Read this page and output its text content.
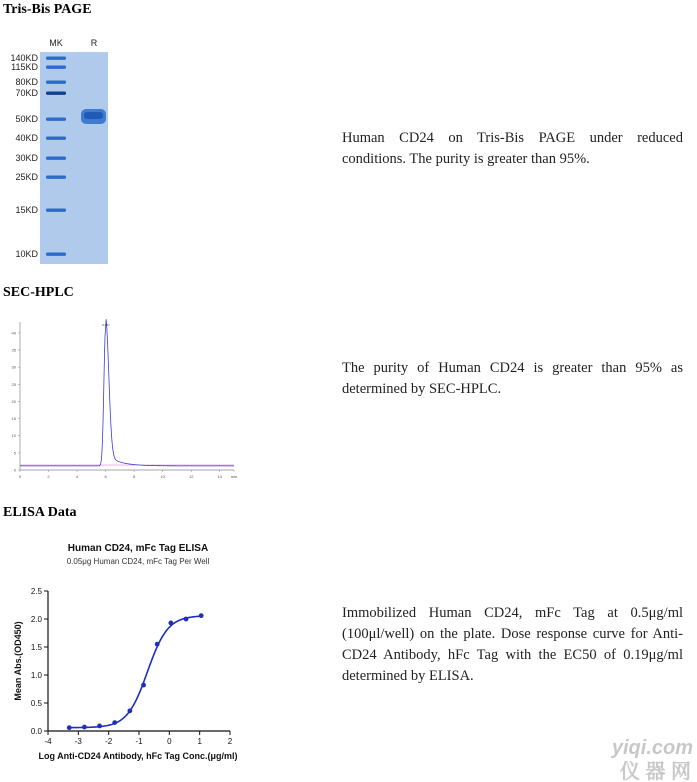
Tris-Bis PAGE
MK	R
140KD
115KD
80KD
70KD
50KD
40KD
30KD
25KD
15KD
10KD
Human CD24 on Tris-Bis PAGE under reduced conditions. The purity is greater than 95%.
SEC-HPLC
0
5
10
15
20
25
30
35
40
0	2	4	6	8	10	12	14 min
6.017
The purity of Human CD24 is greater than 95% as determined by SEC-HPLC.
ELISA Data
Human CD24, mFc Tag ELISA
0.05μg Human CD24, mFc Tag Per Well
0.0
0.5
1.0
1.5
2.0
2.5
-4	-3	-2	-1	0	1	2
Log Anti-CD24 Antibody, hFc Tag Conc.(μg/ml)
Mean Abs.(OD450)
Immobilized Human CD24, mFc Tag at 0.5μg/ml (100μl/well) on the plate. Dose response curve for Anti-CD24 Antibody, hFc Tag with the EC50 of 0.19μg/ml determined by ELISA.
yiqi.com
仪 器 网
